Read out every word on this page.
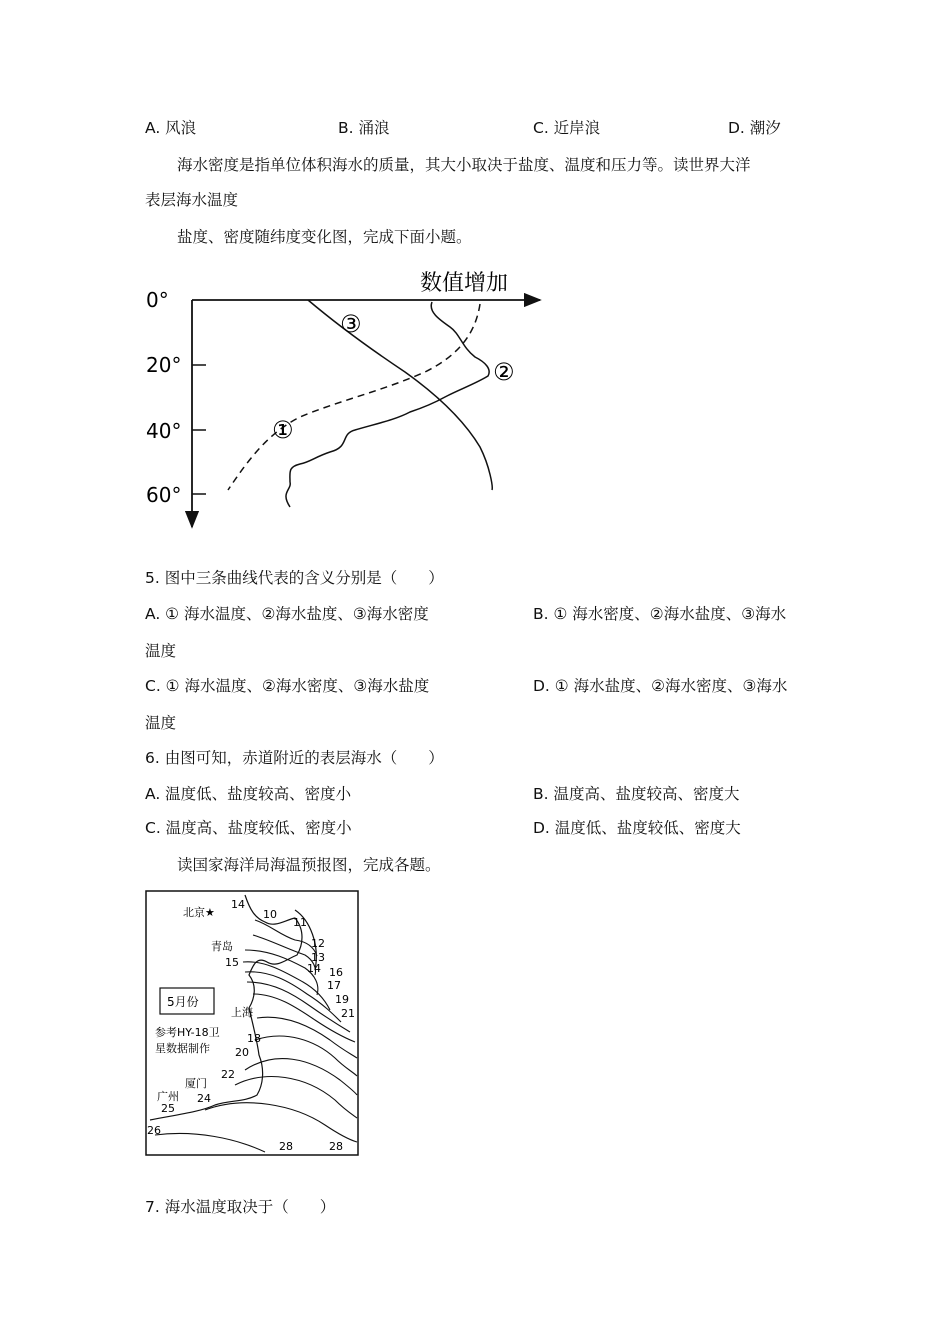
A. 风浪	B. 涌浪	C. 近岸浪	D. 潮汐
海水密度是指单位体积海水的质量，其大小取决于盐度、温度和压力等。读世界大洋
表层海水温度
盐度、密度随纬度变化图，完成下面小题。
数值增加
0°
20°
40°
60°
③
②
①
5. 图中三条曲线代表的含义分别是（　　）
A. ① 海水温度、②海水盐度、③海水密度	B. ① 海水密度、②海水盐度、③海水
温度
C. ① 海水温度、②海水密度、③海水盐度	D. ① 海水盐度、②海水密度、③海水
温度
6. 由图可知，赤道附近的表层海水（　　）
A. 温度低、盐度较高、密度小	B. 温度高、盐度较高、密度大
C. 温度高、盐度较低、密度小	D. 温度低、盐度较低、密度大
读国家海洋局海温预报图，完成各题。
5月份
参考HY-18卫
星数据制作
北京★
青岛
上海
厦门
广州
14
10
11
12
15	13
14 16
17
19
21
18
20
22
24
25
26
28	28
7. 海水温度取决于（　　）
